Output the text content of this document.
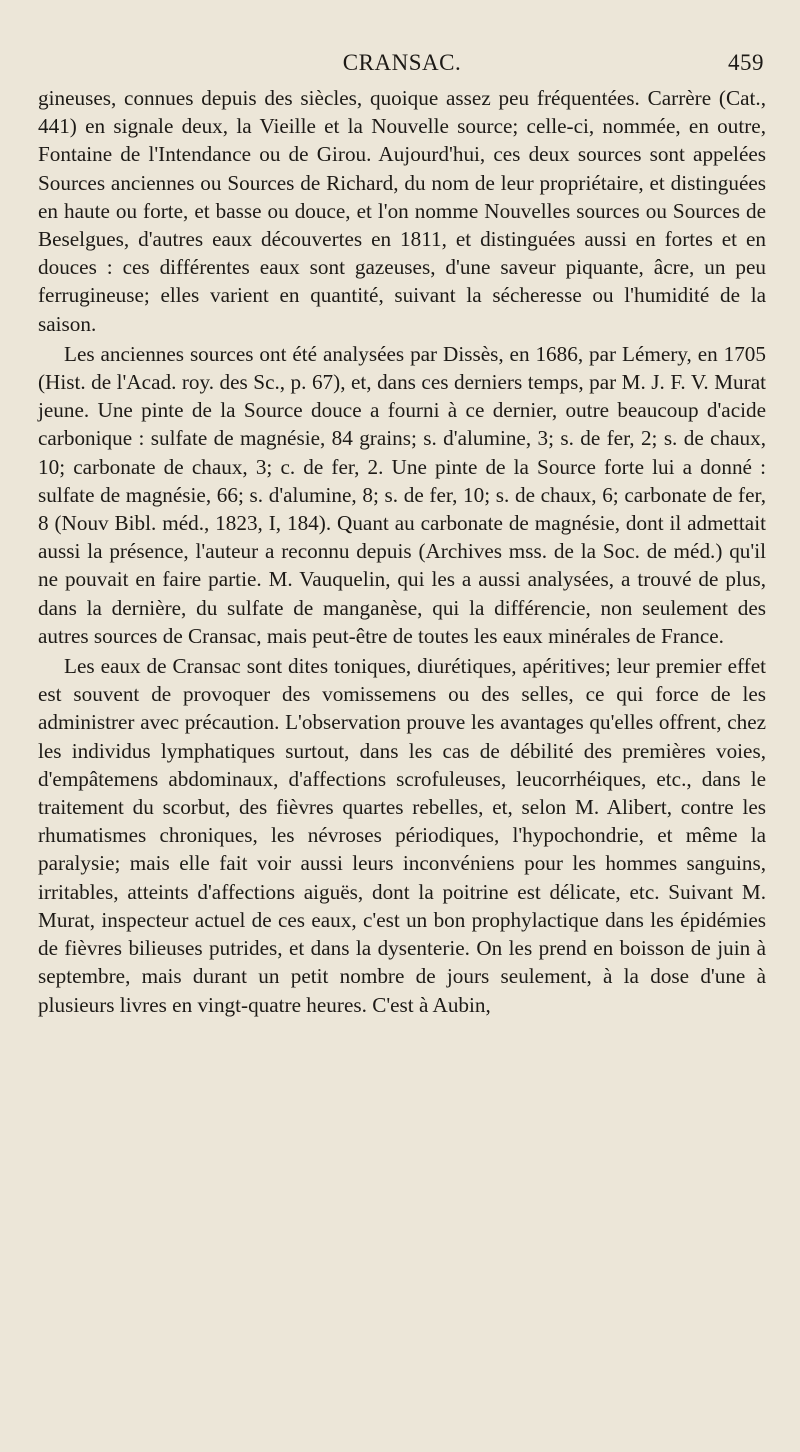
CRANSAC.	459

gineuses, connues depuis des siècles, quoique assez peu fréquentées. Carrère (Cat., 441) en signale deux, la Vieille et la Nouvelle source; celle-ci, nommée, en outre, Fontaine de l'Intendance ou de Girou. Aujourd'hui, ces deux sources sont appelées Sources anciennes ou Sources de Richard, du nom de leur propriétaire, et distinguées en haute ou forte, et basse ou douce, et l'on nomme Nouvelles sources ou Sources de Beselgues, d'autres eaux découvertes en 1811, et distinguées aussi en fortes et en douces : ces différentes eaux sont gazeuses, d'une saveur piquante, âcre, un peu ferrugineuse; elles varient en quantité, suivant la sécheresse ou l'humidité de la saison.

Les anciennes sources ont été analysées par Dissès, en 1686, par Lémery, en 1705 (Hist. de l'Acad. roy. des Sc., p. 67), et, dans ces derniers temps, par M. J. F. V. Murat jeune. Une pinte de la Source douce a fourni à ce dernier, outre beaucoup d'acide carbonique : sulfate de magnésie, 84 grains; s. d'alumine, 3; s. de fer, 2; s. de chaux, 10; carbonate de chaux, 3; c. de fer, 2. Une pinte de la Source forte lui a donné : sulfate de magnésie, 66; s. d'alumine, 8; s. de fer, 10; s. de chaux, 6; carbonate de fer, 8 (Nouv Bibl. méd., 1823, I, 184). Quant au carbonate de magnésie, dont il admettait aussi la présence, l'auteur a reconnu depuis (Archives mss. de la Soc. de méd.) qu'il ne pouvait en faire partie. M. Vauquelin, qui les a aussi analysées, a trouvé de plus, dans la dernière, du sulfate de manganèse, qui la différencie, non seulement des autres sources de Cransac, mais peut-être de toutes les eaux minérales de France.

Les eaux de Cransac sont dites toniques, diurétiques, apéritives; leur premier effet est souvent de provoquer des vomissemens ou des selles, ce qui force de les administrer avec précaution. L'observation prouve les avantages qu'elles offrent, chez les individus lymphatiques surtout, dans les cas de débilité des premières voies, d'empâtemens abdominaux, d'affections scrofuleuses, leucorrhéiques, etc., dans le traitement du scorbut, des fièvres quartes rebelles, et, selon M. Alibert, contre les rhumatismes chroniques, les névroses périodiques, l'hypochondrie, et même la paralysie; mais elle fait voir aussi leurs inconvéniens pour les hommes sanguins, irritables, atteints d'affections aiguës, dont la poitrine est délicate, etc. Suivant M. Murat, inspecteur actuel de ces eaux, c'est un bon prophylactique dans les épidémies de fièvres bilieuses putrides, et dans la dysenterie. On les prend en boisson de juin à septembre, mais durant un petit nombre de jours seulement, à la dose d'une à plusieurs livres en vingt-quatre heures. C'est à Aubin,
